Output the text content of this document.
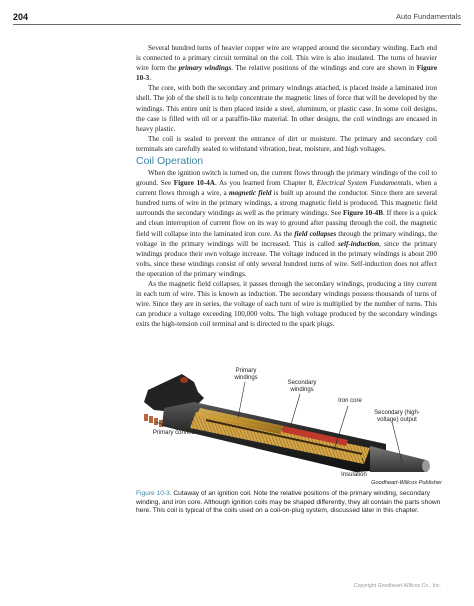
204	Auto Fundamentals

Several hundred turns of heavier copper wire are wrapped around the secondary winding. Each end is connected to a primary circuit terminal on the coil. This wire is also insulated. The turns of heavier wire form the primary windings. The relative positions of the windings and core are shown in Figure 10-3.

The core, with both the secondary and primary windings attached, is placed inside a laminated iron shell. The job of the shell is to help concentrate the magnetic lines of force that will be developed by the windings. This entire unit is then placed inside a steel, aluminum, or plastic case. In some coil designs, the case is filled with oil or a paraffin-like material. In other designs, the coil windings are encased in heavy plastic.

The coil is sealed to prevent the entrance of dirt or moisture. The primary and secondary coil terminals are carefully sealed to withstand vibration, heat, moisture, and high voltages.

Coil Operation

When the ignition switch is turned on, the current flows through the primary windings of the coil to ground. See Figure 10-4A. As you learned from Chapter 8, Electrical System Fundamentals, when a current flows through a wire, a magnetic field is built up around the conductor. Since there are several hundred turns of wire in the primary windings, a strong magnetic field is produced. This magnetic field surrounds the secondary windings as well as the primary windings. See Figure 10-4B. If there is a quick and clean interruption of current flow on its way to ground after passing through the coil, the magnetic field will collapse into the laminated iron core. As the field collapses through the primary windings, the voltage in the primary windings will be increased. This is called self-induction, since the primary windings produce their own voltage increase. The voltage induced in the primary windings is about 200 volts, since these windings consist of only several hundred turns of wire. Self-induction does not affect the operation of the primary windings.

As the magnetic field collapses, it passes through the secondary windings, producing a tiny current in each turn of wire. This is known as induction. The secondary windings possess thousands of turns of wire. Since they are in series, the voltage of each turn of wire is multiplied by the number of turns. This can produce a voltage exceeding 100,000 volts. The high voltage produced by the secondary windings exits the high-tension coil terminal and is directed to the spark plugs.

Primary windings
Secondary windings
Iron core
Secondary (high-voltage) output
Primary connections
Insulation
Goodheart-Willcox Publisher
Figure 10-3. Cutaway of an ignition coil. Note the relative positions of the primary winding, secondary winding, and iron core. Although ignition coils may be shaped differently, they all contain the parts shown here. This coil is typical of the coils used on a coil-on-plug system, discussed later in this chapter.
Copyright Goodheart-Willcox Co., Inc.
